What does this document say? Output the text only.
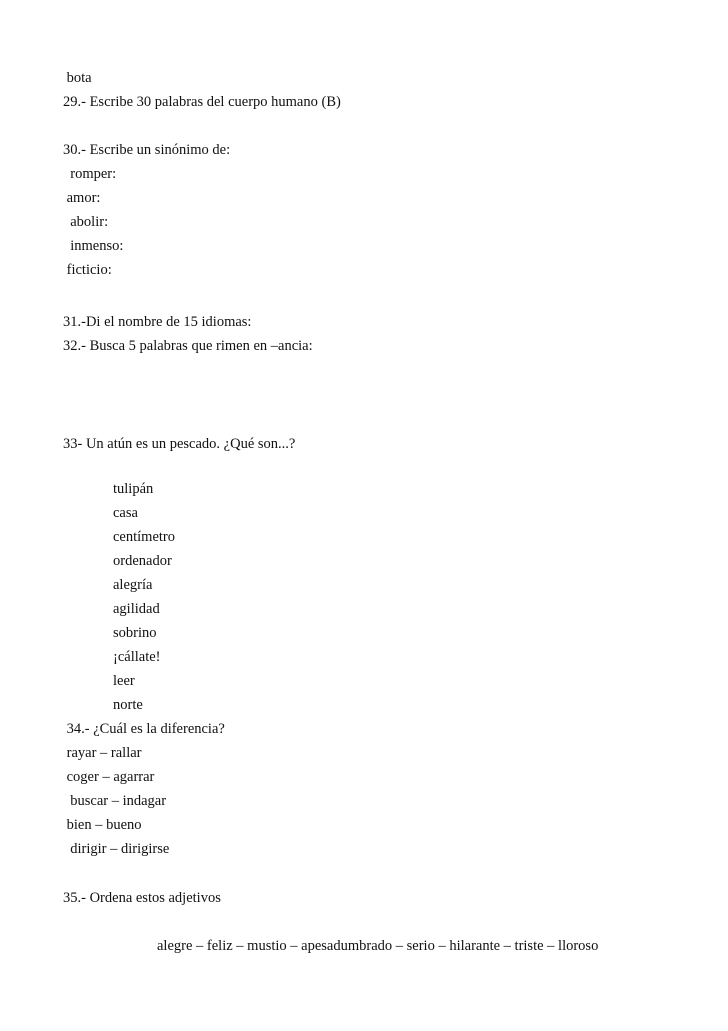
bota
29.- Escribe 30 palabras del cuerpo humano (B)
30.- Escribe un sinónimo de:
romper:
amor:
abolir:
inmenso:
ficticio:
31.-Di el nombre de 15 idiomas:
32.- Busca 5 palabras que rimen en –ancia:
33- Un atún es un pescado. ¿Qué son...?
tulipán
casa
centímetro
ordenador
alegría
agilidad
sobrino
¡cállate!
leer
norte
34.- ¿Cuál es la diferencia?
rayar – rallar
coger – agarrar
buscar – indagar
bien – bueno
dirigir – dirigirse
35.- Ordena estos adjetivos
alegre – feliz – mustio – apesadumbrado – serio – hilarante – triste – lloroso
